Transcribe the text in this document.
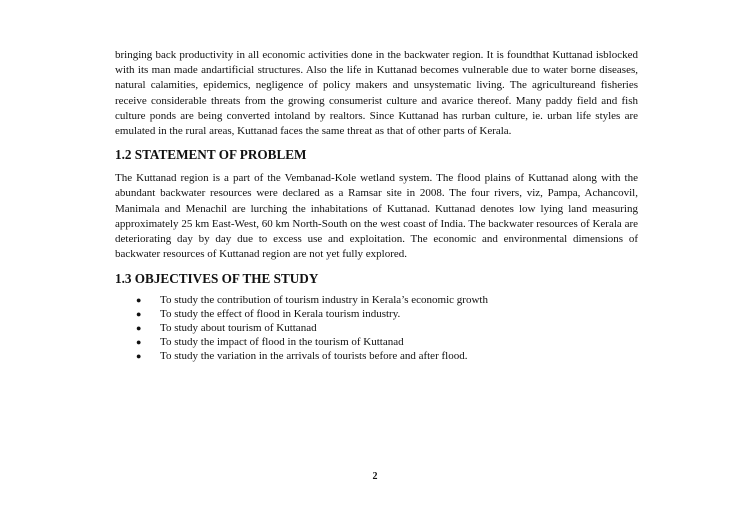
bringing back productivity in all economic activities done in the backwater region. It is foundthat Kuttanad isblocked with its man made andartificial structures. Also the life in Kuttanad becomes vulnerable due to water borne diseases, natural calamities, epidemics, negligence of policy makers and unsystematic living. The agricultureand fisheries receive considerable threats from the growing consumerist culture and avarice thereof. Many paddy field and fish culture ponds are being converted intoland by realtors. Since Kuttanad has rurban culture, ie. urban life styles are emulated in the rural areas, Kuttanad faces the same threat as that of other parts of Kerala.

1.2 STATEMENT OF PROBLEM

The Kuttanad region is a part of the Vembanad-Kole wetland system. The flood plains of Kuttanad along with the abundant backwater resources were declared as a Ramsar site in 2008. The four rivers, viz, Pampa, Achancovil, Manimala and Menachil are lurching the inhabitations of Kuttanad. Kuttanad denotes low lying land measuring approximately 25 km East-West, 60 km North-South on the west coast of India. The backwater resources of Kerala are deteriorating day by day due to excess use and exploitation. The economic and environmental dimensions of backwater resources of Kuttanad region are not yet fully explored.

1.3 OBJECTIVES OF THE STUDY
● To study the contribution of tourism industry in Kerala’s economic growth
● To study the effect of flood in Kerala tourism industry.
● To study about tourism of Kuttanad
● To study the impact of flood in the tourism of Kuttanad
● To study the variation in the arrivals of tourists before and after flood.
2
